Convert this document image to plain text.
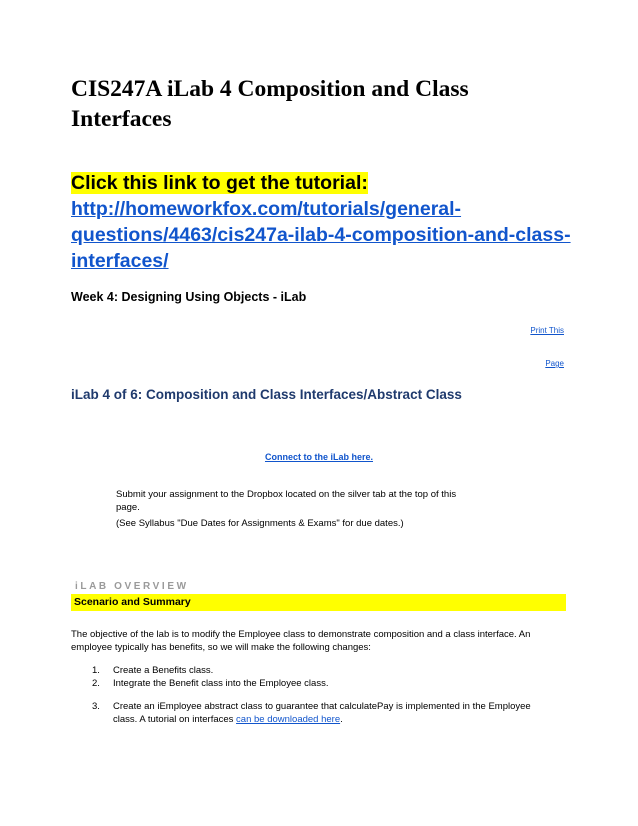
CIS247A iLab 4 Composition and Class Interfaces
Click this link to get the tutorial:
http://homeworkfox.com/tutorials/general-questions/4463/cis247a-ilab-4-composition-and-class-interfaces/

Week 4: Designing Using Objects - iLab

Print This
Page
iLab 4 of 6: Composition and Class Interfaces/Abstract Class
Connect to the iLab here.
Submit your assignment to the Dropbox located on the silver tab at the top of this page.
(See Syllabus "Due Dates for Assignments & Exams" for due dates.)
iLAB OVERVIEW
Scenario and Summary

The objective of the lab is to modify the Employee class to demonstrate composition and a class interface. An employee typically has benefits, so we will make the following changes:

1. Create a Benefits class.
2. Integrate the Benefit class into the Employee class.
3. Create an iEmployee abstract class to guarantee that calculatePay is implemented in the Employee class. A tutorial on interfaces can be downloaded here.
